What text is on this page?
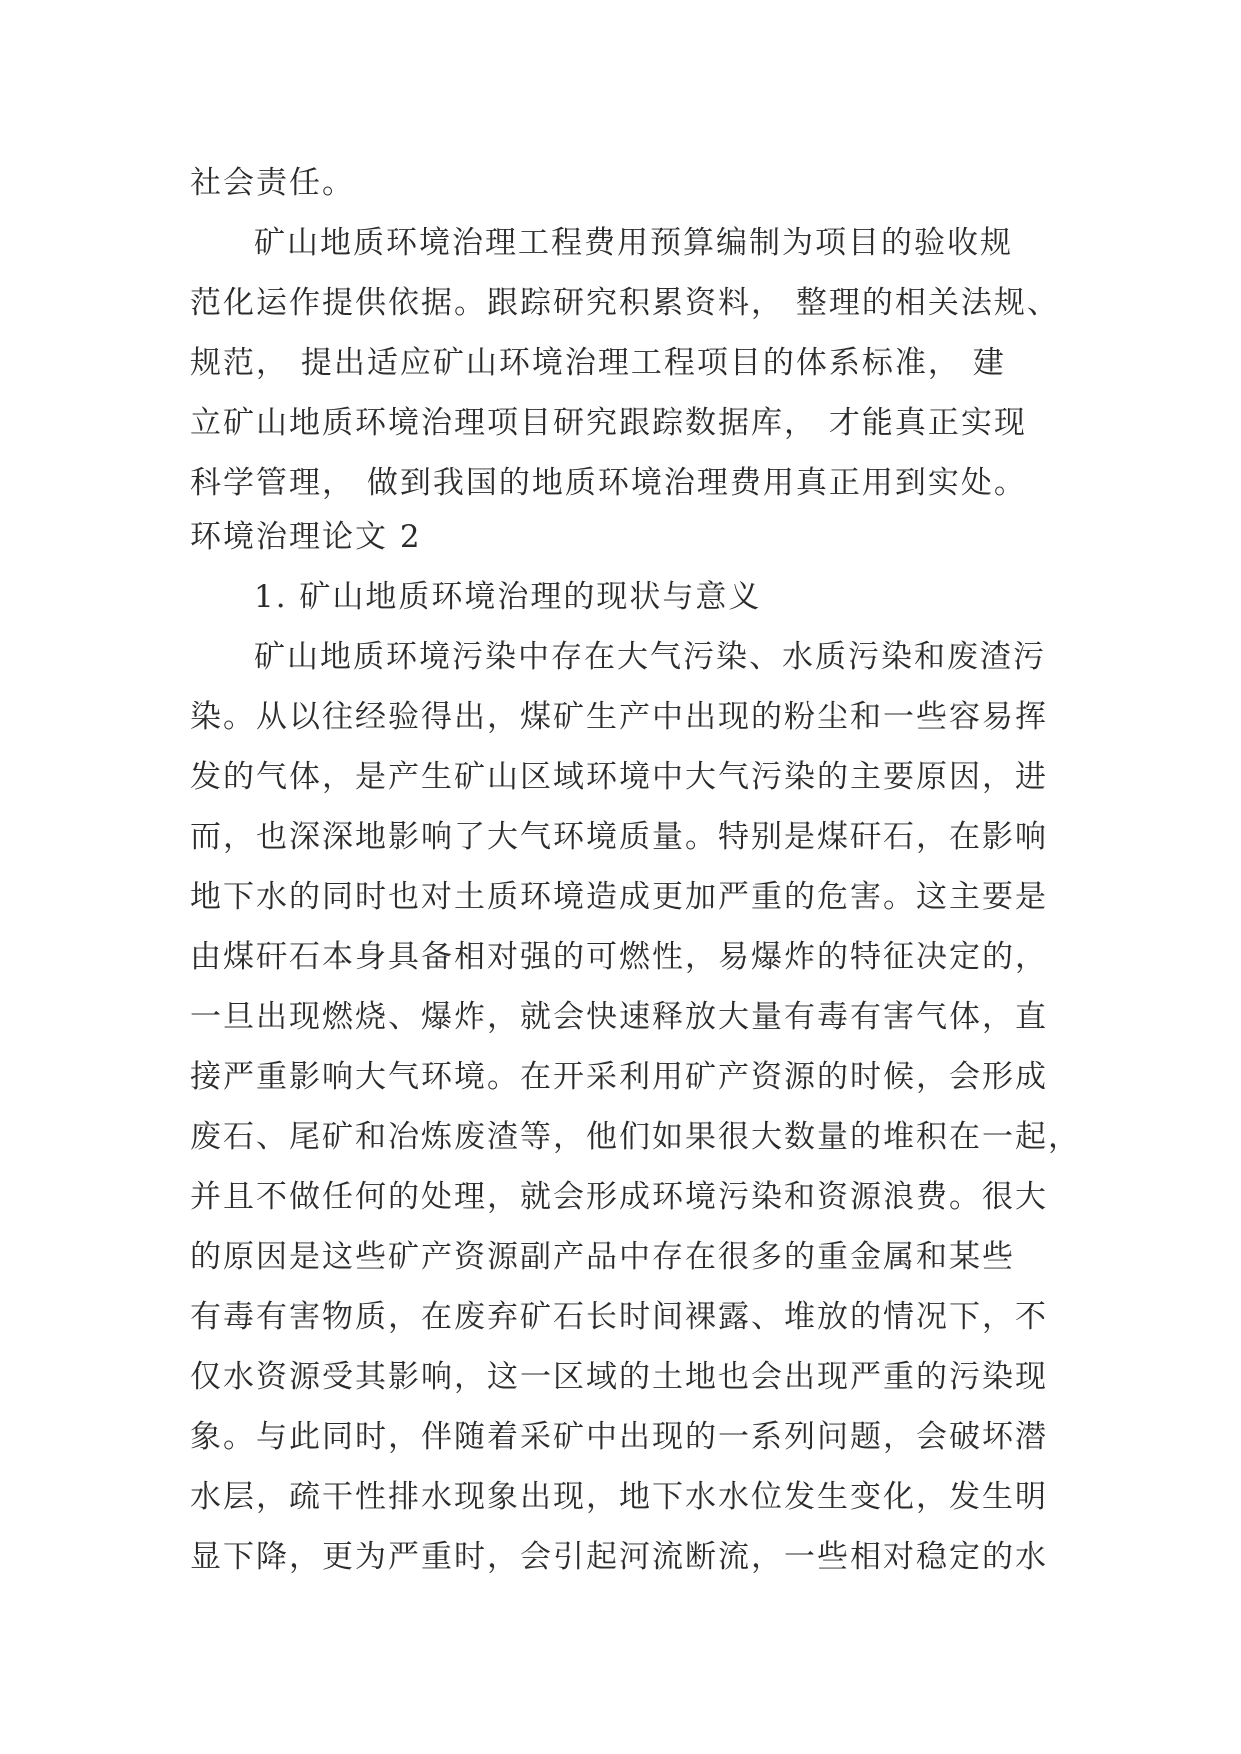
社会责任。
矿山地质环境治理工程费用预算编制为项目的验收规
范化运作提供依据。跟踪研究积累资料， 整理的相关法规、
规范， 提出适应矿山环境治理工程项目的体系标准， 建
立矿山地质环境治理项目研究跟踪数据库， 才能真正实现
科学管理， 做到我国的地质环境治理费用真正用到实处。
环境治理论文 2
1. 矿山地质环境治理的现状与意义
矿山地质环境污染中存在大气污染、水质污染和废渣污
染。从以往经验得出，煤矿生产中出现的粉尘和一些容易挥
发的气体，是产生矿山区域环境中大气污染的主要原因，进
而，也深深地影响了大气环境质量。特别是煤矸石，在影响
地下水的同时也对土质环境造成更加严重的危害。这主要是
由煤矸石本身具备相对强的可燃性，易爆炸的特征决定的，
一旦出现燃烧、爆炸，就会快速释放大量有毒有害气体，直
接严重影响大气环境。在开采利用矿产资源的时候，会形成
废石、尾矿和冶炼废渣等，他们如果很大数量的堆积在一起，
并且不做任何的处理，就会形成环境污染和资源浪费。很大
的原因是这些矿产资源副产品中存在很多的重金属和某些
有毒有害物质，在废弃矿石长时间裸露、堆放的情况下，不
仅水资源受其影响，这一区域的土地也会出现严重的污染现
象。与此同时，伴随着采矿中出现的一系列问题，会破坏潜
水层，疏干性排水现象出现，地下水水位发生变化，发生明
显下降，更为严重时，会引起河流断流，一些相对稳定的水
